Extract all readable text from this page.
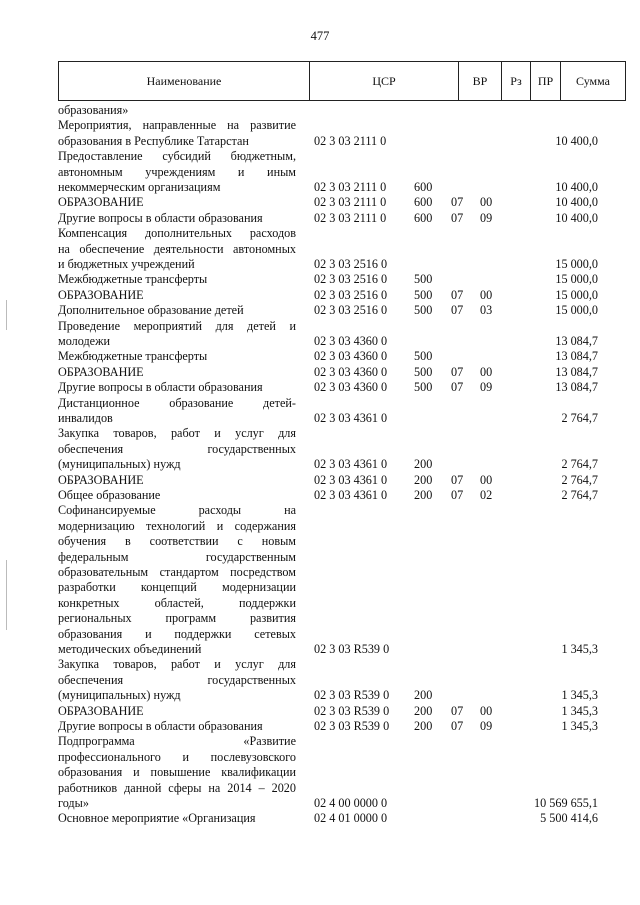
477
Наименование	ЦСР	ВР	Рз	ПР	Сумма
образования»
Мероприятия, направленные на развитие
образования в Республике Татарстан	02 3 03 2111 0	10 400,0
Предоставление субсидий бюджетным,
автономным учреждениям и иным
некоммерческим организациям	02 3 03 2111 0 600	10 400,0
ОБРАЗОВАНИЕ	02 3 03 2111 0 600 07 00	10 400,0
Другие вопросы в области образования	02 3 03 2111 0 600 07 09	10 400,0
Компенсация дополнительных расходов
на обеспечение деятельности автономных
и бюджетных учреждений	02 3 03 2516 0	15 000,0
Межбюджетные трансферты	02 3 03 2516 0 500	15 000,0
ОБРАЗОВАНИЕ	02 3 03 2516 0 500 07 00	15 000,0
Дополнительное образование детей	02 3 03 2516 0 500 07 03	15 000,0
Проведение мероприятий для детей и
молодежи	02 3 03 4360 0	13 084,7
Межбюджетные трансферты	02 3 03 4360 0 500	13 084,7
ОБРАЗОВАНИЕ	02 3 03 4360 0 500 07 00	13 084,7
Другие вопросы в области образования	02 3 03 4360 0 500 07 09	13 084,7
Дистанционное образование детей-
инвалидов	02 3 03 4361 0	2 764,7
Закупка товаров, работ и услуг для
обеспечения государственных
(муниципальных) нужд	02 3 03 4361 0 200	2 764,7
ОБРАЗОВАНИЕ	02 3 03 4361 0 200 07 00	2 764,7
Общее образование	02 3 03 4361 0 200 07 02	2 764,7
Софинансируемые расходы на
модернизацию технологий и содержания
обучения в соответствии с новым
федеральным государственным
образовательным стандартом посредством
разработки концепций модернизации
конкретных областей, поддержки
региональных программ развития
образования и поддержки сетевых
методических объединений	02 3 03 R539 0	1 345,3
Закупка товаров, работ и услуг для
обеспечения государственных
(муниципальных) нужд	02 3 03 R539 0 200	1 345,3
ОБРАЗОВАНИЕ	02 3 03 R539 0 200 07 00	1 345,3
Другие вопросы в области образования	02 3 03 R539 0 200 07 09	1 345,3
Подпрограмма «Развитие
профессионального и послевузовского
образования и повышение квалификации
работников данной сферы на 2014 – 2020
годы»	02 4 00 0000 0	10 569 655,1
Основное мероприятие «Организация	02 4 01 0000 0	5 500 414,6
